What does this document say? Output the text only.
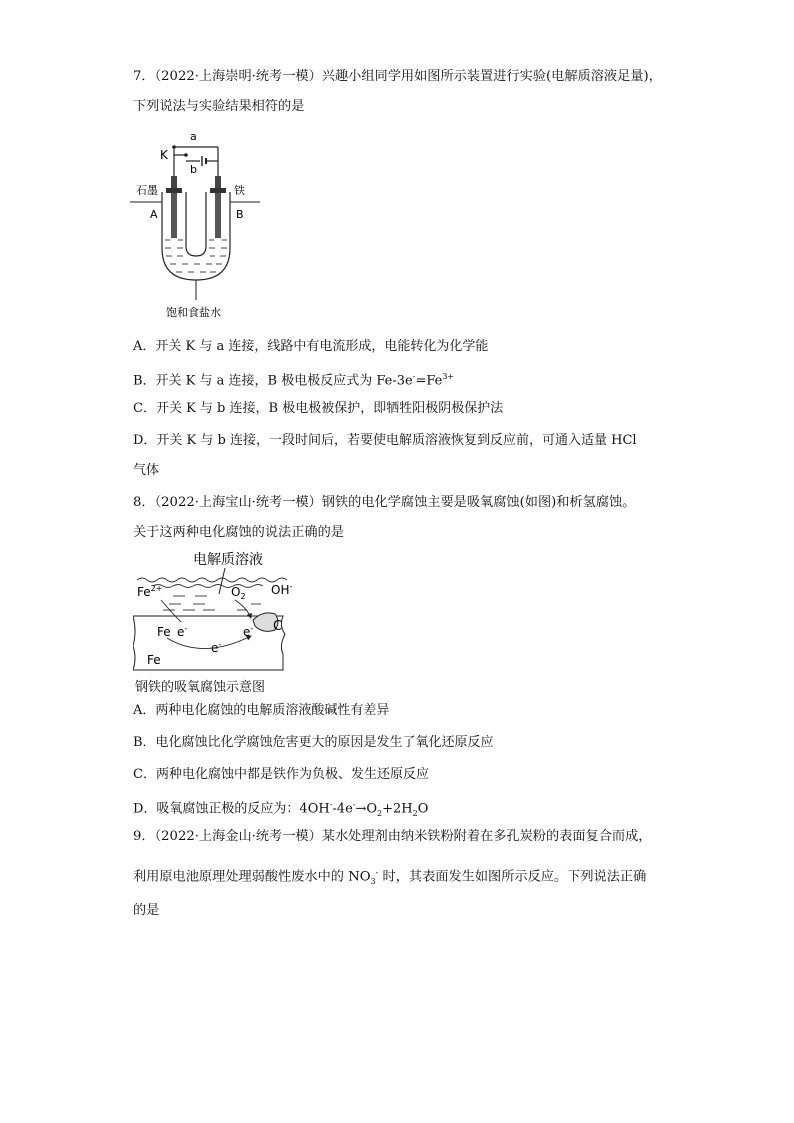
7．（2022·上海崇明·统考一模）兴趣小组同学用如图所示装置进行实验(电解质溶液足量)，
下列说法与实验结果相符的是
a
b
K
石墨	铁
A	B
饱和食盐水
A．开关 K 与 a 连接，线路中有电流形成，电能转化为化学能
B．开关 K 与 a 连接，B 极电极反应式为 $Fe-3e^-=Fe^{3+}$
C．开关 K 与 b 连接，B 极电极被保护，即牺牲阳极阴极保护法
D．开关 K 与 b 连接，一段时间后，若要使电解质溶液恢复到反应前，可通入适量 HCl
气体
8．（2022·上海宝山·统考一模）钢铁的电化学腐蚀主要是吸氧腐蚀(如图)和析氢腐蚀。
关于这两种电化腐蚀的说法正确的是
电解质溶液
$Fe^{2+}$	$O_2$ OH-
C
Fe
Fe
e-
e-
e-
钢铁的吸氧腐蚀示意图
A．两种电化腐蚀的电解质溶液酸碱性有差异
B．电化腐蚀比化学腐蚀危害更大的原因是发生了氧化还原反应
C．两种电化腐蚀中都是铁作为负极、发生还原反应
D．吸氧腐蚀正极的反应为：$4OH^--4e^-\to O_2+2H_2O$
9．（2022·上海金山·统考一模）某水处理剂由纳米铁粉附着在多孔炭粉的表面复合而成，
利用原电池原理处理弱酸性废水中的 $NO_3^-$ 时，其表面发生如图所示反应。下列说法正确
的是
